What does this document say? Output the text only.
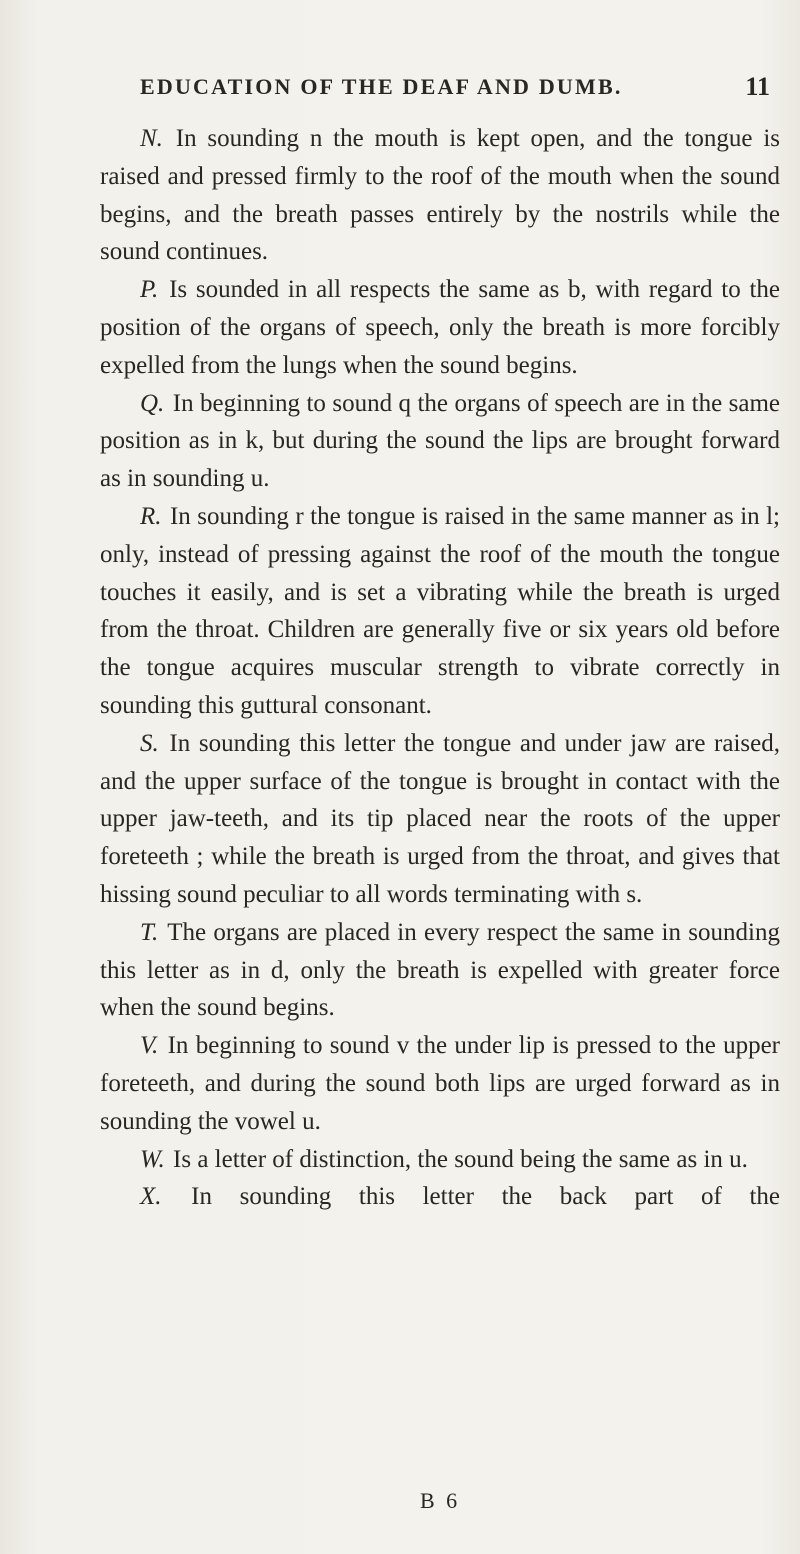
EDUCATION OF THE DEAF AND DUMB.	11

N. In sounding n the mouth is kept open, and the tongue is raised and pressed firmly to the roof of the mouth when the sound begins, and the breath passes entirely by the nostrils while the sound continues.

P. Is sounded in all respects the same as b, with regard to the position of the organs of speech, only the breath is more forcibly expelled from the lungs when the sound begins.

Q. In beginning to sound q the organs of speech are in the same position as in k, but during the sound the lips are brought forward as in sounding u.

R. In sounding r the tongue is raised in the same manner as in l; only, instead of pressing against the roof of the mouth the tongue touches it easily, and is set a vibrating while the breath is urged from the throat. Children are generally five or six years old before the tongue acquires muscular strength to vibrate correctly in sounding this guttural consonant.

S. In sounding this letter the tongue and under jaw are raised, and the upper surface of the tongue is brought in contact with the upper jaw-teeth, and its tip placed near the roots of the upper foreteeth ; while the breath is urged from the throat, and gives that hissing sound peculiar to all words terminating with s.

T. The organs are placed in every respect the same in sounding this letter as in d, only the breath is expelled with greater force when the sound begins.

V. In beginning to sound v the under lip is pressed to the upper foreteeth, and during the sound both lips are urged forward as in sounding the vowel u.

W. Is a letter of distinction, the sound being the same as in u.

X. In sounding this letter the back part of the

B 6
